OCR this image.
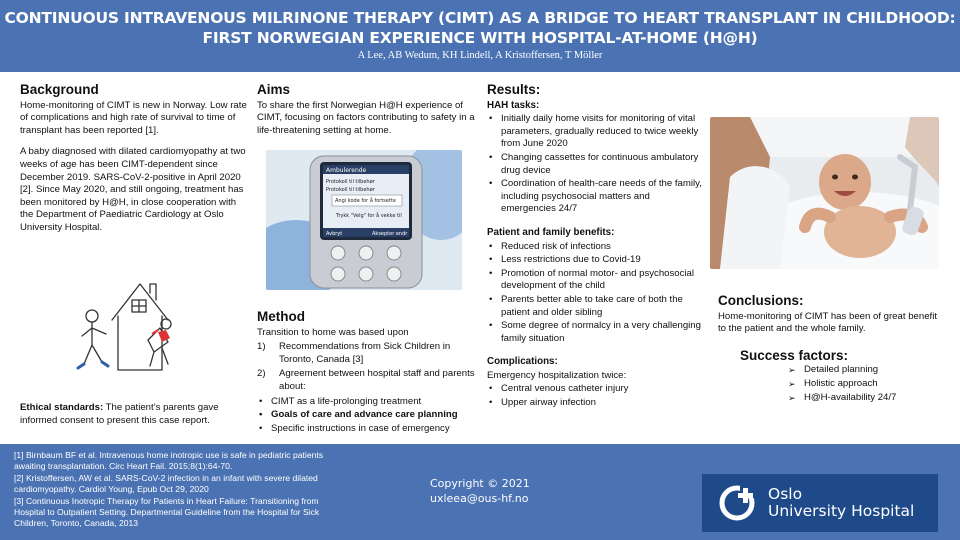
CONTINUOUS INTRAVENOUS MILRINONE THERAPY (CIMT) AS A BRIDGE TO HEART TRANSPLANT IN CHILDHOOD:
FIRST NORWEGIAN EXPERIENCE WITH HOSPITAL-AT-HOME (H@H)
A Lee, AB Wedum, KH Lindell, A Kristoffersen, T Möller
Background

Home-monitoring of CIMT is new in Norway. Low rate of complications and high rate of survival to time of transplant has been reported [1].

A baby diagnosed with dilated cardiomyopathy at two weeks of age has been CIMT-dependent since December 2019. SARS-CoV-2-positive in April 2020 [2]. Since May 2020, and still ongoing, treatment has been monitored by H@H, in close cooperation with the Department of Paediatric Cardiology at Oslo University Hospital.

Ethical standards: The patient’s parents gave informed consent to present this case report.

Aims

To share the first Norwegian H@H experience of CIMT, focusing on factors contributing to safety in a life-threatening setting at home.

Ambulerende
Protokoll til tilbehør
Protokoll til tilbehør
Angi kode for å fortsette
Trykk "Velg" for å vekke til
Avbryt	Aksepter endr
Method
Transition to home was based upon
1) Recommendations from Sick Children in Toronto, Canada [3]
2) Agreement between hospital staff and parents about:
• CIMT as a life-prolonging treatment
• Goals of care and advance care planning
• Specific instructions in case of emergency
Results:
HAH tasks:
• Initially daily home visits for monitoring of vital parameters, gradually reduced to twice weekly from June 2020
• Changing cassettes for continuous ambulatory drug device
• Coordination of health-care needs of the family, including psychosocial matters and emergencies 24/7
Patient and family benefits:
• Reduced risk of infections
• Less restrictions due to Covid-19
• Promotion of normal motor- and psychosocial development of the child
• Parents better able to take care of both the patient and older sibling
• Some degree of normalcy in a very challenging family situation
Complications:
Emergency hospitalization twice:
• Central venous catheter injury
• Upper airway infection
Conclusions:

Home-monitoring of CIMT has been of great benefit to the patient and the whole family.

Success factors:
➢ Detailed planning
➢ Holistic approach
➢ H@H-availability 24/7
[1] Birnbaum BF et al. Intravenous home inotropic use is safe in pediatric patients awaiting transplantation. Circ Heart Fail. 2015;8(1):64-70.
[2] Kristoffersen, AW et al. SARS-CoV-2 infection in an infant with severe dilated cardiomyopathy. Cardiol Young, Epub Oct 29, 2020
[3] Continuous Inotropic Therapy for Patients in Heart Failure: Transitioning from Hospital to Outpatient Setting. Departmental Guideline from the Hospital for Sick Children, Toronto, Canada, 2013
Copyright © 2021
uxleea@ous-hf.no	Oslo
University Hospital
